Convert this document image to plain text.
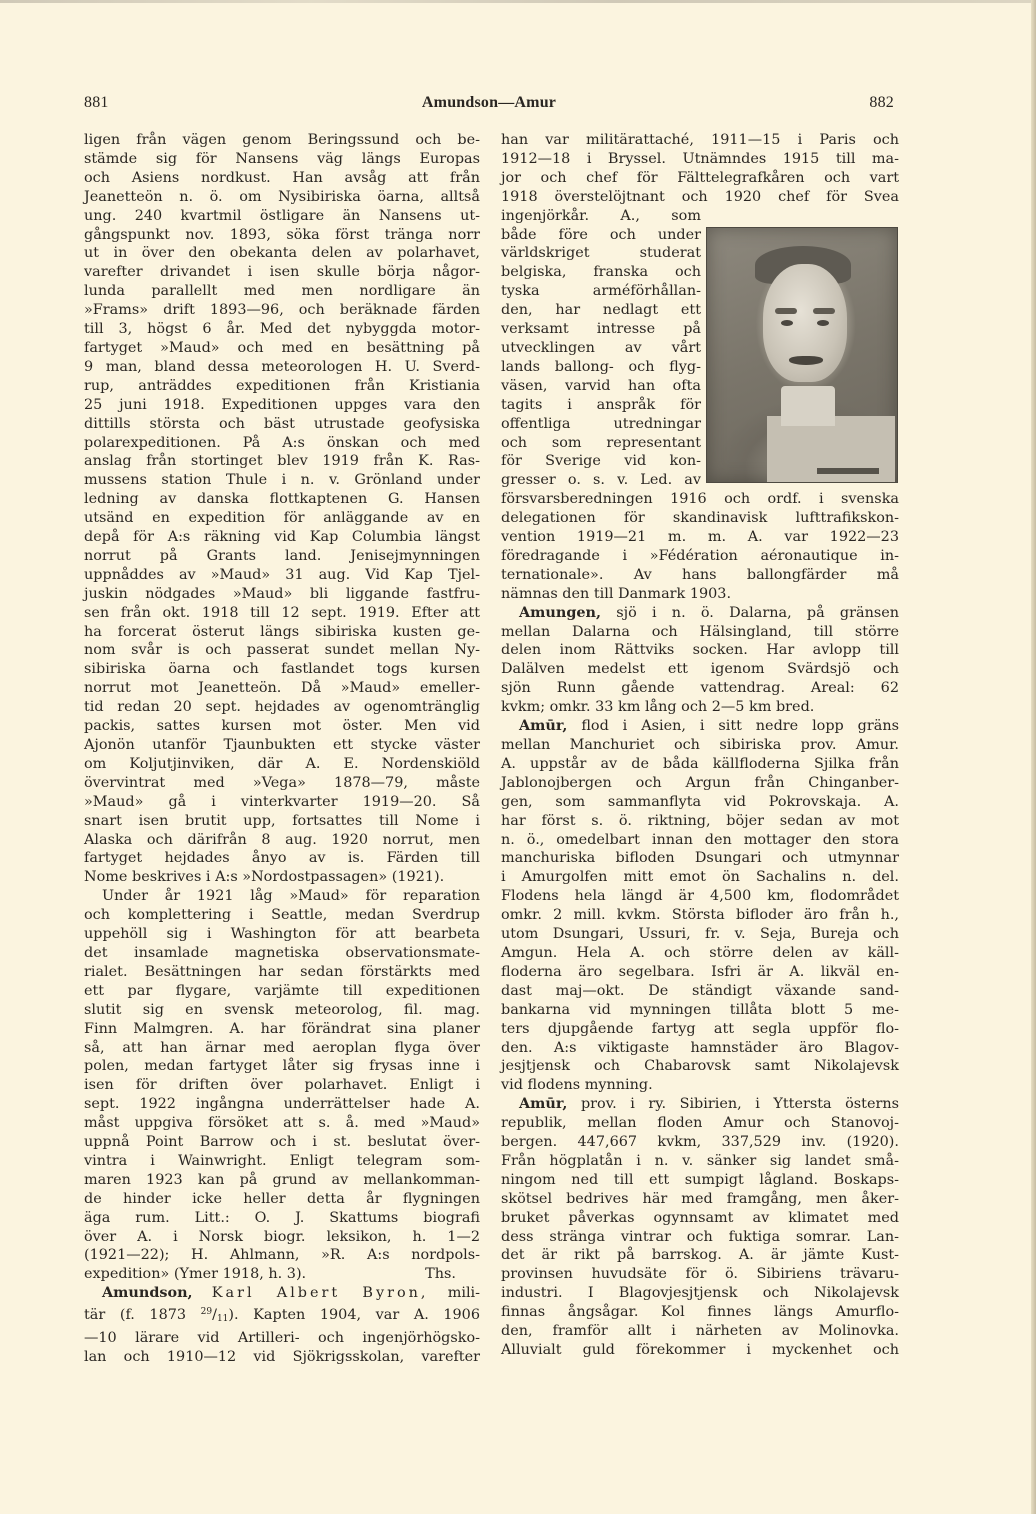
881	Amundson—Amur	882
ligen från vägen genom Beringssund och be-
stämde sig för Nansens väg längs Europas
och Asiens nordkust. Han avsåg att från
Jeanetteön n. ö. om Nysibiriska öarna, alltså
ung. 240 kvartmil östligare än Nansens ut-
gångspunkt nov. 1893, söka först tränga norr
ut in över den obekanta delen av polarhavet,
varefter drivandet i isen skulle börja någor-
lunda parallellt med men nordligare än
»Frams» drift 1893—96, och beräknade färden
till 3, högst 6 år. Med det nybyggda motor-
fartyget »Maud» och med en besättning på
9 man, bland dessa meteorologen H. U. Sverd-
rup, anträddes expeditionen från Kristiania
25 juni 1918. Expeditionen uppges vara den
dittills största och bäst utrustade geofysiska
polarexpeditionen. På A:s önskan och med
anslag från stortinget blev 1919 från K. Ras-
mussens station Thule i n. v. Grönland under
ledning av danska flottkaptenen G. Hansen
utsänd en expedition för anläggande av en
depå för A:s räkning vid Kap Columbia längst
norrut på Grants land. Jenisejmynningen
uppnåddes av »Maud» 31 aug. Vid Kap Tjel-
juskin nödgades »Maud» bli liggande fastfru-
sen från okt. 1918 till 12 sept. 1919. Efter att
ha forcerat österut längs sibiriska kusten ge-
nom svår is och passerat sundet mellan Ny-
sibiriska öarna och fastlandet togs kursen
norrut mot Jeanetteön. Då »Maud» emeller-
tid redan 20 sept. hejdades av ogenomtränglig
packis, sattes kursen mot öster. Men vid
Ajonön utanför Tjaunbukten ett stycke väster
om Koljutjinviken, där A. E. Nordenskiöld
övervintrat med »Vega» 1878—79, måste
»Maud» gå i vinterkvarter 1919—20. Så
snart isen brutit upp, fortsattes till Nome i
Alaska och därifrån 8 aug. 1920 norrut, men
fartyget hejdades ånyo av is. Färden till
Nome beskrives i A:s »Nordostpassagen» (1921).
Under år 1921 låg »Maud» för reparation
och komplettering i Seattle, medan Sverdrup
uppehöll sig i Washington för att bearbeta
det insamlade magnetiska observationsmate-
rialet. Besättningen har sedan förstärkts med
ett par flygare, varjämte till expeditionen
slutit sig en svensk meteorolog, fil. mag.
Finn Malmgren. A. har förändrat sina planer
så, att han ärnar med aeroplan flyga över
polen, medan fartyget låter sig frysas inne i
isen för driften över polarhavet. Enligt i
sept. 1922 ingångna underrättelser hade A.
måst uppgiva försöket att s. å. med »Maud»
uppnå Point Barrow och i st. beslutat över-
vintra i Wainwright. Enligt telegram som-
maren 1923 kan på grund av mellankomman-
de hinder icke heller detta år flygningen
äga rum. Litt.: O. J. Skattums biografi
över A. i Norsk biogr. leksikon, h. 1—2
(1921—22); H. Ahlmann, »R. A:s nordpols-
expedition» (Ymer 1918, h. 3).	Ths.
Amundson, Karl Albert Byron, mili-
tär (f. 1873 $^{29}/_{11}$). Kapten 1904, var A. 1906
—10 lärare vid Artilleri- och ingenjörhögsko-
lan och 1910—12 vid Sjökrigsskolan, varefter
han var militärattaché, 1911—15 i Paris och
1912—18 i Bryssel. Utnämndes 1915 till ma-
jor och chef för Fälttelegrafkåren och vart
1918 överstelöjtnant och 1920 chef för Svea
ingenjörkår. A., som
både före och under
världskriget studerat
belgiska, franska och
tyska arméförhållan-
den, har nedlagt ett
verksamt intresse på
utvecklingen av vårt
lands ballong- och flyg-
väsen, varvid han ofta
tagits i anspråk för
offentliga utredningar
och som representant
för Sverige vid kon-
gresser o. s. v. Led. av
försvarsberedningen 1916 och ordf. i svenska
delegationen för skandinavisk lufttrafikskon-
vention 1919—21 m. m. A. var 1922—23
föredragande i »Fédération aéronautique in-
ternationale». Av hans ballongfärder må
nämnas den till Danmark 1903.
Amungen, sjö i n. ö. Dalarna, på gränsen
mellan Dalarna och Hälsingland, till större
delen inom Rättviks socken. Har avlopp till
Dalälven medelst ett igenom Svärdsjö och
sjön Runn gående vattendrag. Areal: 62
kvkm; omkr. 33 km lång och 2—5 km bred.
Amūr, flod i Asien, i sitt nedre lopp gräns
mellan Manchuriet och sibiriska prov. Amur.
A. uppstår av de båda källfloderna Sjilka från
Jablonojbergen och Argun från Chinganber-
gen, som sammanflyta vid Pokrovskaja. A.
har först s. ö. riktning, böjer sedan av mot
n. ö., omedelbart innan den mottager den stora
manchuriska bifloden Dsungari och utmynnar
i Amurgolfen mitt emot ön Sachalins n. del.
Flodens hela längd är 4,500 km, flodområdet
omkr. 2 mill. kvkm. Största bifloder äro från h.,
utom Dsungari, Ussuri, fr. v. Seja, Bureja och
Amgun. Hela A. och större delen av käll-
floderna äro segelbara. Isfri är A. likväl en-
dast maj—okt. De ständigt växande sand-
bankarna vid mynningen tillåta blott 5 me-
ters djupgående fartyg att segla uppför flo-
den. A:s viktigaste hamnstäder äro Blagov-
jesjtjensk och Chabarovsk samt Nikolajevsk
vid flodens mynning.
Amūr, prov. i ry. Sibirien, i Yttersta österns
republik, mellan floden Amur och Stanovoj-
bergen. 447,667 kvkm, 337,529 inv. (1920).
Från högplatån i n. v. sänker sig landet små-
ningom ned till ett sumpigt lågland. Boskaps-
skötsel bedrives här med framgång, men åker-
bruket påverkas ogynnsamt av klimatet med
dess stränga vintrar och fuktiga somrar. Lan-
det är rikt på barrskog. A. är jämte Kust-
provinsen huvudsäte för ö. Sibiriens trävaru-
industri. I Blagovjesjtjensk och Nikolajevsk
finnas ångsågar. Kol finnes längs Amurflo-
den, framför allt i närheten av Molinovka.
Alluvialt guld förekommer i myckenhet och
